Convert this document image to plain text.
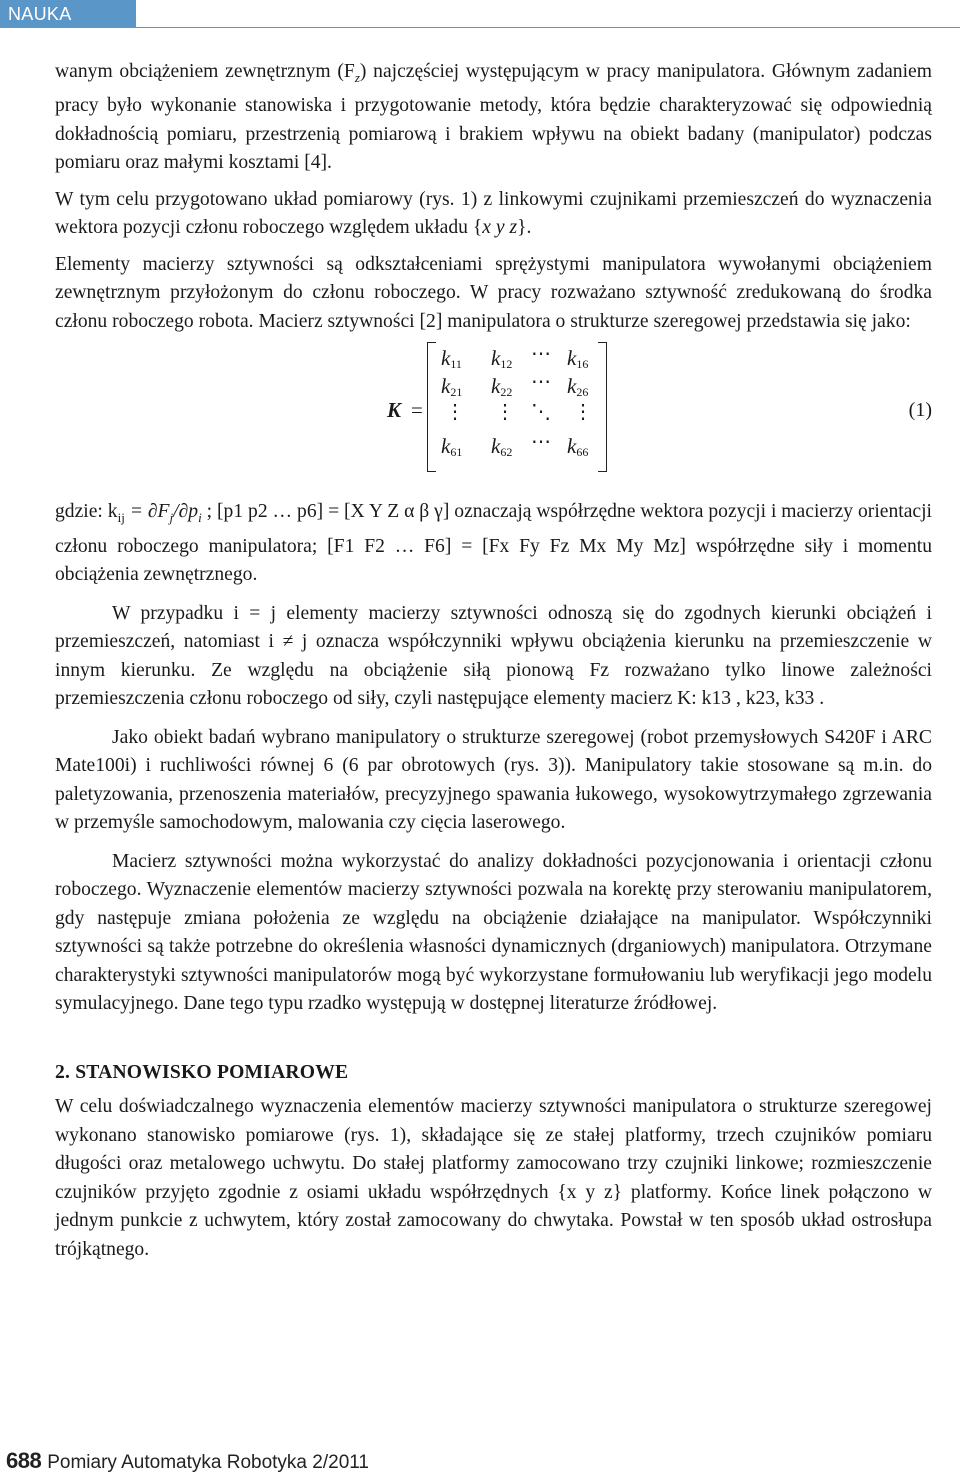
NAUKA

wanym obciążeniem zewnętrznym $(F_z)$ najczęściej występującym w pracy manipulatora. Głównym zadaniem pracy było wykonanie stanowiska i przygotowanie metody, która będzie charakteryzować się odpowiednią dokładnością pomiaru, przestrzenią pomiarową i brakiem wpływu na obiekt badany (manipulator) podczas pomiaru oraz małymi kosztami [4].

W tym celu przygotowano układ pomiarowy (rys. 1) z linkowymi czujnikami przemieszczeń do wyznaczenia wektora pozycji członu roboczego względem układu {x y z}.

Elementy macierzy sztywności są odkształceniami sprężystymi manipulatora wywołanymi obciążeniem zewnętrznym przyłożonym do członu roboczego. W pracy rozważano sztywność zredukowaną do środka członu roboczego robota. Macierz sztywności [2] manipulatora o strukturze szeregowej przedstawia się jako:

K =
$k_{11}$ $k_{12}$ ⋯ $k_{16}$
$k_{21}$ $k_{22}$ ⋯ $k_{26}$
⋮ ⋮ ⋱ ⋮
$k_{61}$ $k_{62}$ ⋯ $k_{66}$
(1)

gdzie: $k_{ij} = \partial F_j/\partial p_i$ ; [p1 p2 … p6] = [X Y Z α β γ] oznaczają współrzędne wektora pozycji i macierzy orientacji członu roboczego manipulatora; [F1 F2 … F6] = [Fx Fy Fz Mx My Mz] współrzędne siły i momentu obciążenia zewnętrznego.

W przypadku i = j elementy macierzy sztywności odnoszą się do zgodnych kierunki obciążeń i przemieszczeń, natomiast i ≠ j oznacza współczynniki wpływu obciążenia kierunku na przemieszczenie w innym kierunku. Ze względu na obciążenie siłą pionową Fz rozważano tylko linowe zależności przemieszczenia członu roboczego od siły, czyli następujące elementy macierz K: k13 , k23, k33 .

Jako obiekt badań wybrano manipulatory o strukturze szeregowej (robot przemysłowych S420F i ARC Mate100i) i ruchliwości równej 6 (6 par obrotowych (rys. 3)). Manipulatory takie stosowane są m.in. do paletyzowania, przenoszenia materiałów, precyzyjnego spawania łukowego, wysokowytrzymałego zgrzewania w przemyśle samochodowym, malowania czy cięcia laserowego.

Macierz sztywności można wykorzystać do analizy dokładności pozycjonowania i orientacji członu roboczego. Wyznaczenie elementów macierzy sztywności pozwala na korektę przy sterowaniu manipulatorem, gdy następuje zmiana położenia ze względu na obciążenie działające na manipulator. Współczynniki sztywności są także potrzebne do określenia własności dynamicznych (drganiowych) manipulatora. Otrzymane charakterystyki sztywności manipulatorów mogą być wykorzystane formułowaniu lub weryfikacji jego modelu symulacyjnego. Dane tego typu rzadko występują w dostępnej literaturze źródłowej.

2. STANOWISKO POMIAROWE

W celu doświadczalnego wyznaczenia elementów macierzy sztywności manipulatora o strukturze szeregowej wykonano stanowisko pomiarowe (rys. 1), składające się ze stałej platformy, trzech czujników pomiaru długości oraz metalowego uchwytu. Do stałej platformy zamocowano trzy czujniki linkowe; rozmieszczenie czujników przyjęto zgodnie z osiami układu współrzędnych {x y z} platformy. Końce linek połączono w jednym punkcie z uchwytem, który został zamocowany do chwytaka. Powstał w ten sposób układ ostrosłupa trójkątnego.

688 Pomiary Automatyka Robotyka 2/2011
